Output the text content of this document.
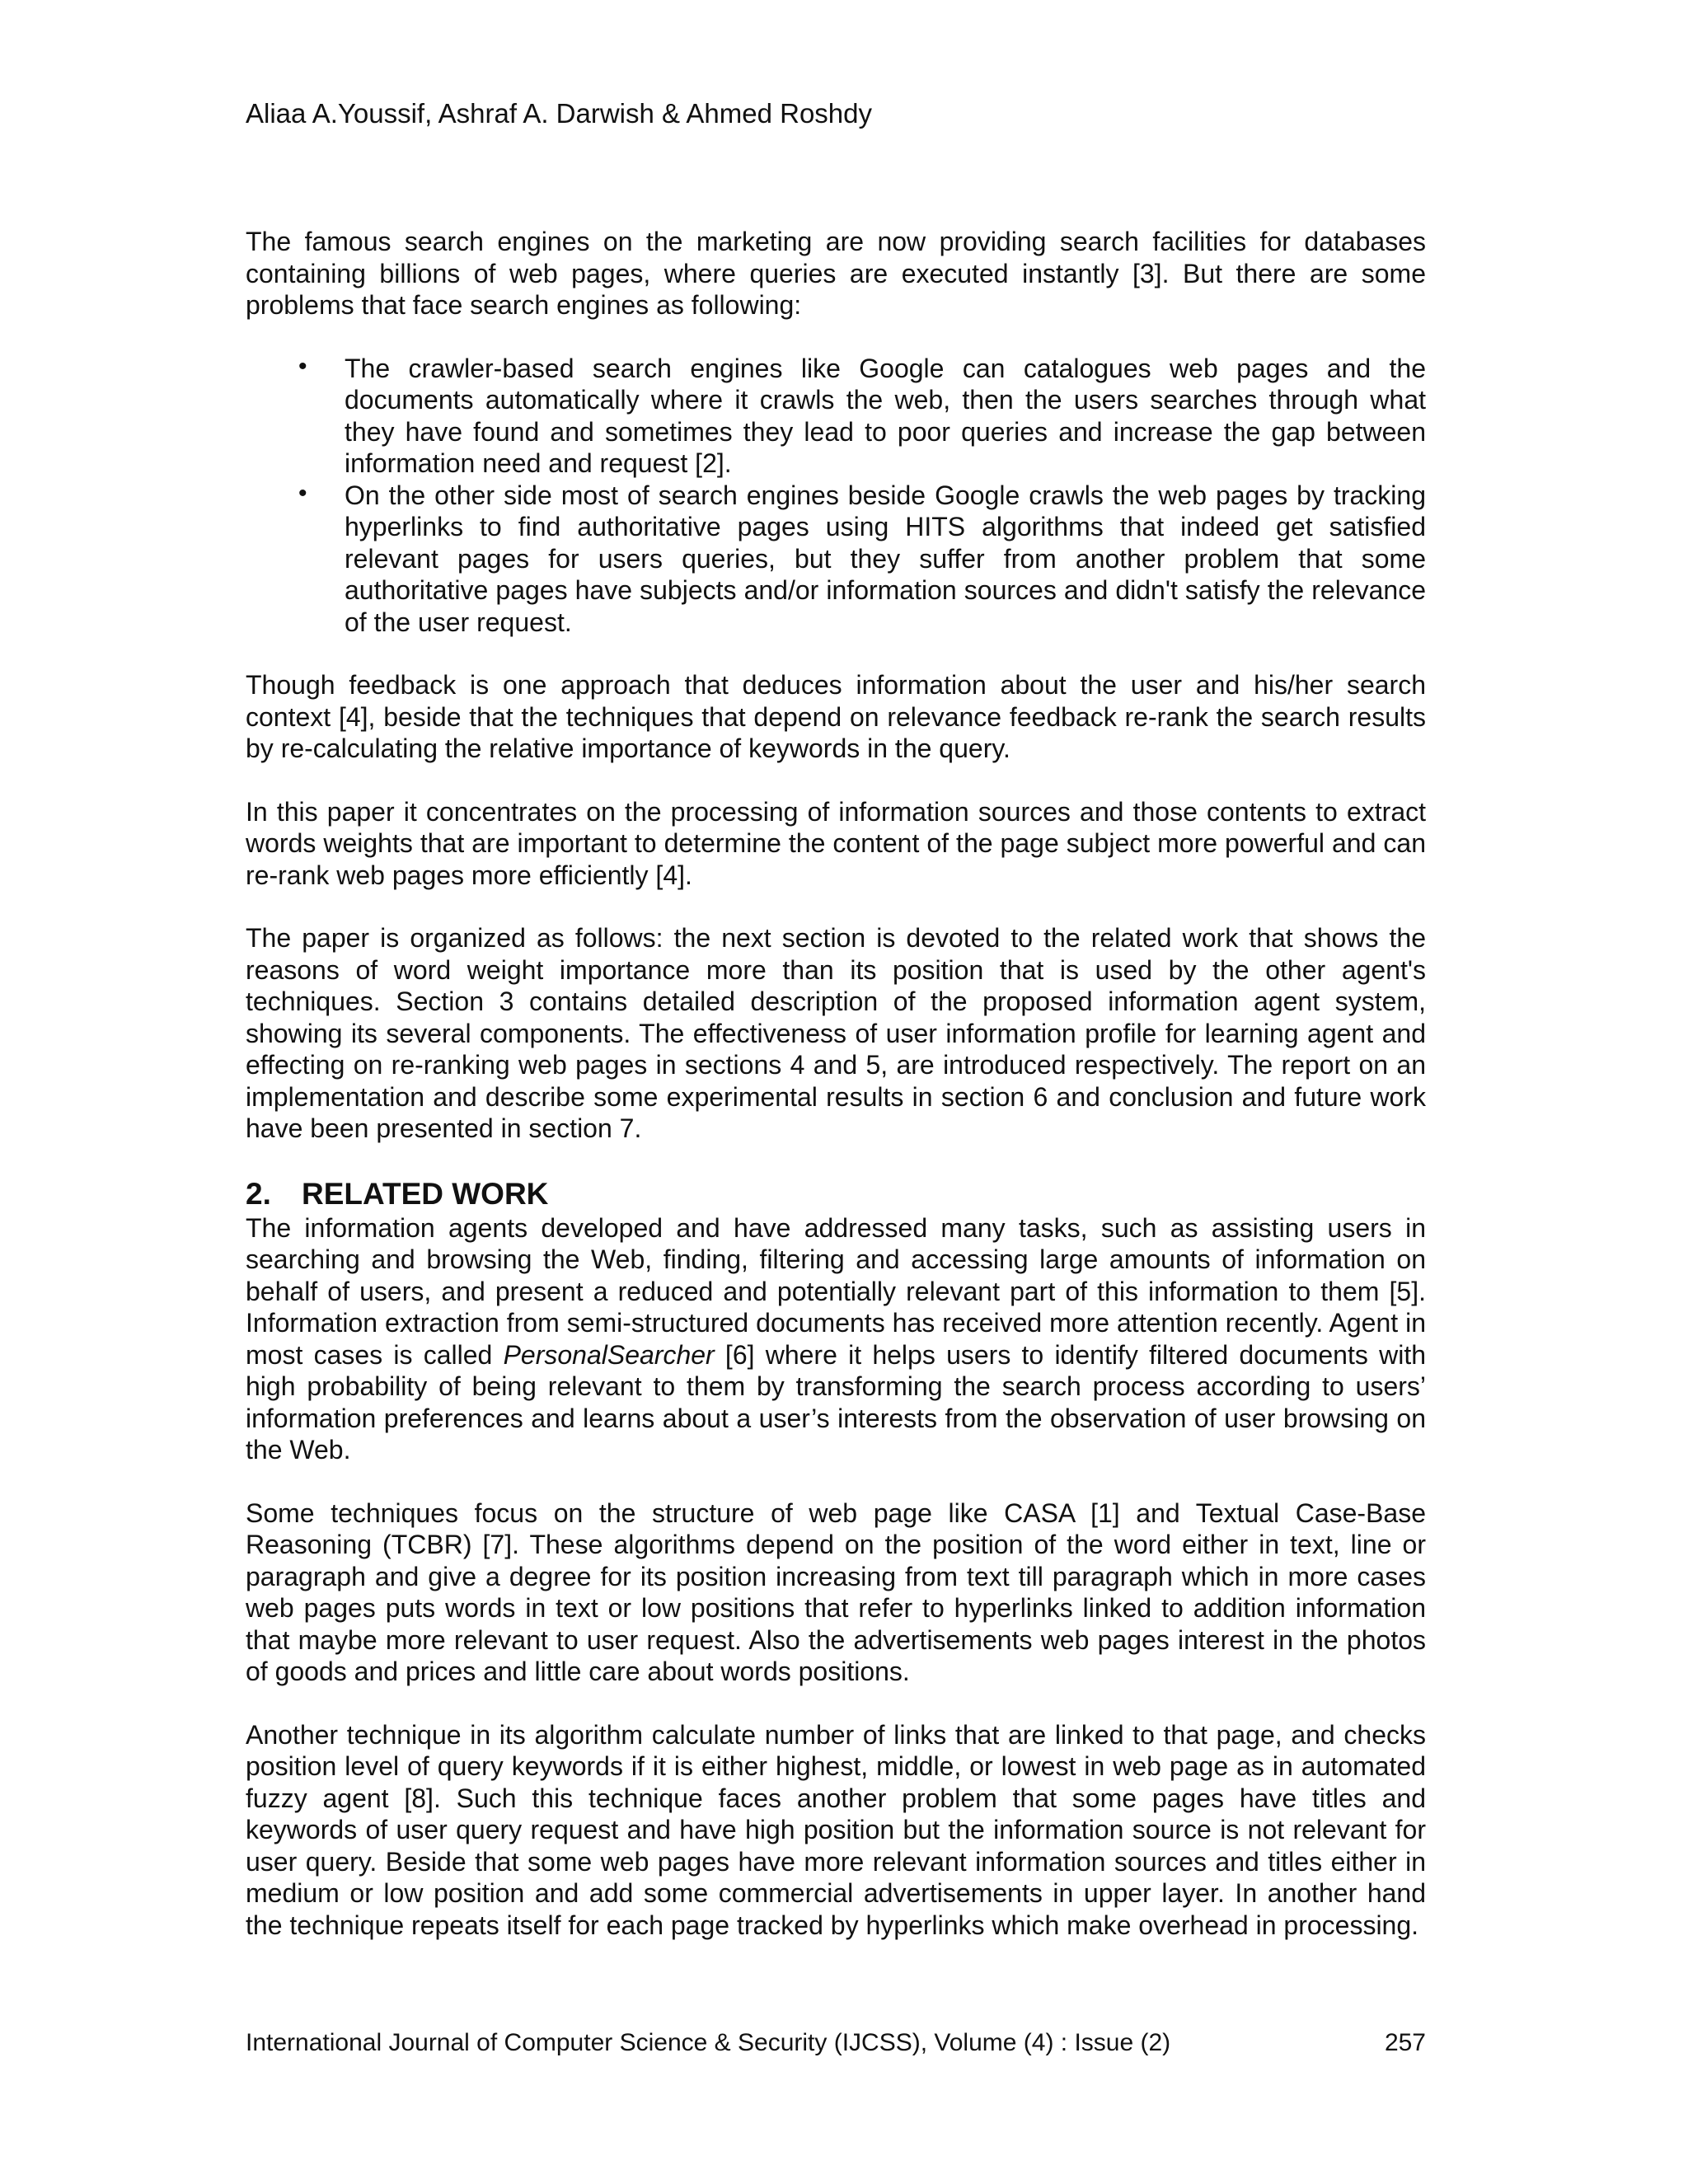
Aliaa A.Youssif, Ashraf A. Darwish & Ahmed Roshdy

The famous search engines on the marketing are now providing search facilities for databases containing billions of web pages, where queries are executed instantly [3]. But there are some problems that face search engines as following:

• The crawler-based search engines like Google can catalogues web pages and the documents automatically where it crawls the web, then the users searches through what they have found and sometimes they lead to poor queries and increase the gap between information need and request [2].

• On the other side most of search engines beside Google crawls the web pages by tracking hyperlinks to find authoritative pages using HITS algorithms that indeed get satisfied relevant pages for users queries, but they suffer from another problem that some authoritative pages have subjects and/or information sources and didn't satisfy the relevance of the user request.

Though feedback is one approach that deduces information about the user and his/her search context [4], beside that the techniques that depend on relevance feedback re-rank the search results by re-calculating the relative importance of keywords in the query.

In this paper it concentrates on the processing of information sources and those contents to extract words weights that are important to determine the content of the page subject more powerful and can re-rank web pages more efficiently [4].

The paper is organized as follows: the next section is devoted to the related work that shows the reasons of word weight importance more than its position that is used by the other agent's techniques. Section 3 contains detailed description of the proposed information agent system, showing its several components. The effectiveness of user information profile for learning agent and effecting on re-ranking web pages in sections 4 and 5, are introduced respectively. The report on an implementation and describe some experimental results in section 6 and conclusion and future work have been presented in section 7.

2. RELATED WORK

The information agents developed and have addressed many tasks, such as assisting users in searching and browsing the Web, finding, filtering and accessing large amounts of information on behalf of users, and present a reduced and potentially relevant part of this information to them [5]. Information extraction from semi-structured documents has received more attention recently. Agent in most cases is called PersonalSearcher [6] where it helps users to identify filtered documents with high probability of being relevant to them by transforming the search process according to users’ information preferences and learns about a user’s interests from the observation of user browsing on the Web.

Some techniques focus on the structure of web page like CASA [1] and Textual Case-Base Reasoning (TCBR) [7]. These algorithms depend on the position of the word either in text, line or paragraph and give a degree for its position increasing from text till paragraph which in more cases web pages puts words in text or low positions that refer to hyperlinks linked to addition information that maybe more relevant to user request. Also the advertisements web pages interest in the photos of goods and prices and little care about words positions.

Another technique in its algorithm calculate number of links that are linked to that page, and checks position level of query keywords if it is either highest, middle, or lowest in web page as in automated fuzzy agent [8]. Such this technique faces another problem that some pages have titles and keywords of user query request and have high position but the information source is not relevant for user query. Beside that some web pages have more relevant information sources and titles either in medium or low position and add some commercial advertisements in upper layer. In another hand the technique repeats itself for each page tracked by hyperlinks which make overhead in processing.

International Journal of Computer Science & Security (IJCSS), Volume (4) : Issue (2)	257
